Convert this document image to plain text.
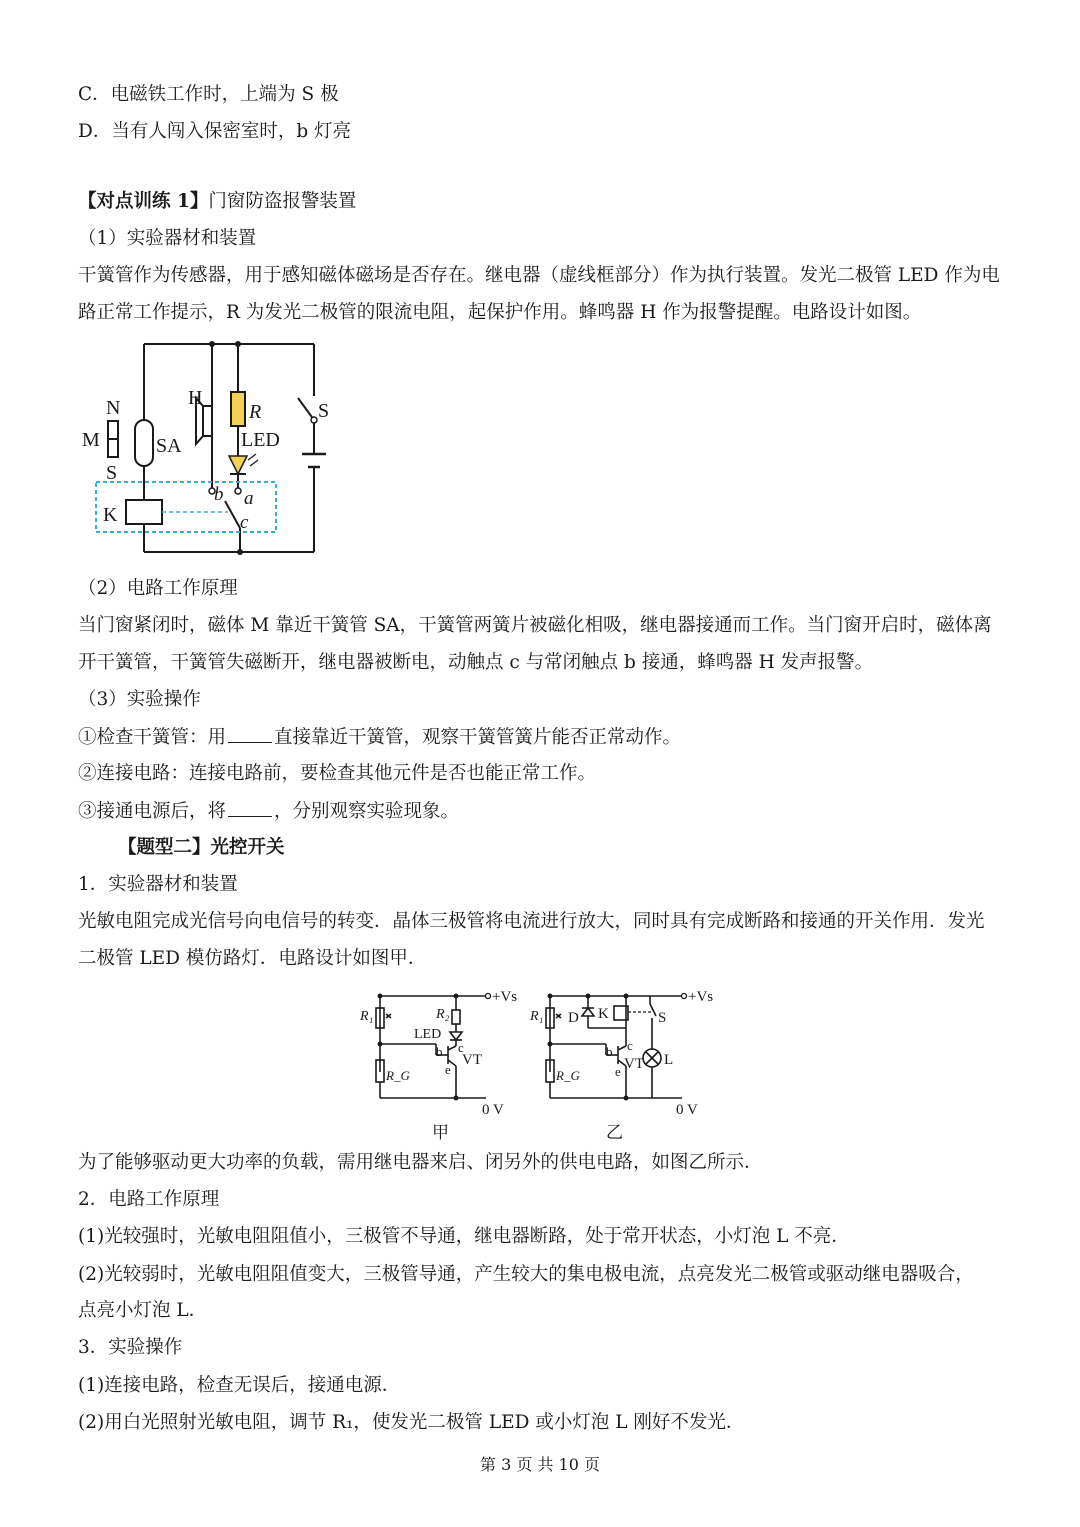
C．电磁铁工作时，上端为 S 极
D．当有人闯入保密室时，b 灯亮
【对点训练 1】门窗防盗报警装置
（1）实验器材和装置
干簧管作为传感器，用于感知磁体磁场是否存在。继电器（虚线框部分）作为执行装置。发光二极管 LED 作为电
路正常工作提示，R 为发光二极管的限流电阻，起保护作用。蜂鸣器 H 作为报警提醒。电路设计如图。
N
M
S
SA
H
R
LED
S
K
b a
c
（2）电路工作原理
当门窗紧闭时，磁体 M 靠近干簧管 SA，干簧管两簧片被磁化相吸，继电器接通而工作。当门窗开启时，磁体离
开干簧管，干簧管失磁断开，继电器被断电，动触点 c 与常闭触点 b 接通，蜂鸣器 H 发声报警。
（3）实验操作
①检查干簧管：用	直接靠近干簧管，观察干簧管簧片能否正常动作。
②连接电路：连接电路前，要检查其他元件是否也能正常工作。
③接通电源后，将	，分别观察实验现象。
【题型二】光控开关
1．实验器材和装置
光敏电阻完成光信号向电信号的转变．晶体三极管将电流进行放大，同时具有完成断路和接通的开关作用．发光
二极管 LED 模仿路灯．电路设计如图甲．
+Vs
R₁	R₂
LED
b c
VT
e
R_G
0 V
+Vs
R₁ D K	S
b c
VT L
e
R_G
0 V
甲	乙
为了能够驱动更大功率的负载，需用继电器来启、闭另外的供电电路，如图乙所示．
2．电路工作原理
(1)光较强时，光敏电阻阻值小，三极管不导通，继电器断路，处于常开状态，小灯泡 L 不亮．
(2)光较弱时，光敏电阻阻值变大，三极管导通，产生较大的集电极电流，点亮发光二极管或驱动继电器吸合，
点亮小灯泡 L．
3．实验操作
(1)连接电路，检查无误后，接通电源．
(2)用白光照射光敏电阻，调节 R₁，使发光二极管 LED 或小灯泡 L 刚好不发光．
第 3 页 共 10 页
